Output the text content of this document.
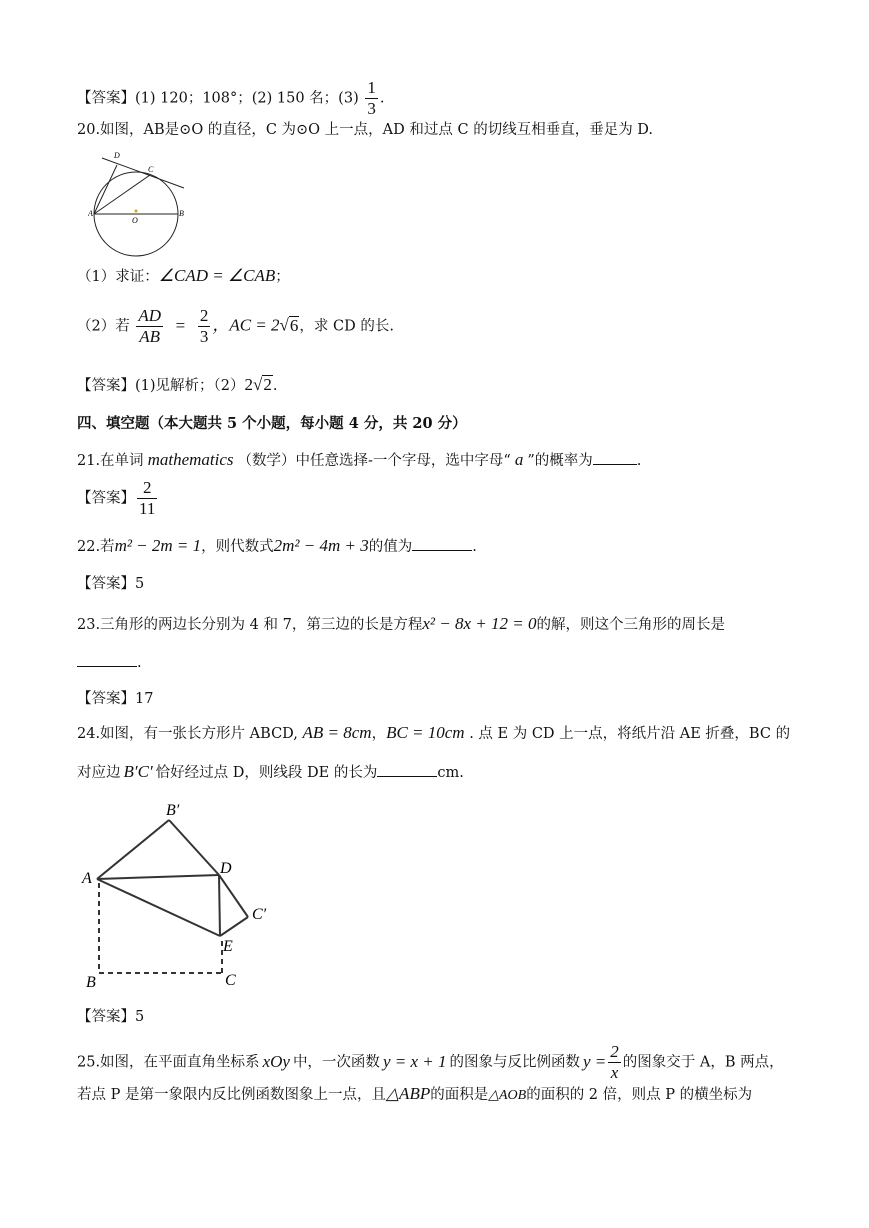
【答案】(1) 120；108°；(2) 150 名；$(3) \frac{1}{3}$ .
20.如图，AB是⊙O 的直径，C 为⊙O 上一点，AD 和过点 C 的切线互相垂直，垂足为 D.
D
C
A
O
B
（1）求证：∠CAD = ∠CAB；
（2）若 $\frac{AD}{AB} = \frac{2}{3}$ ，AC = 2√6，求 CD 的长.
【答案】(1)见解析；（2）2√2.
四、填空题（本大题共 5 个小题，每小题 4 分，共 20 分）
21.在单词 mathematics （数学）中任意选择-一个字母，选中字母“ a ”的概率为	.
【答案】 $\frac{2}{11}$
22.若m² − 2m = 1，则代数式2m² − 4m + 3的值为	.
【答案】5
23.三角形的两边长分别为 4 和 7，第三边的长是方程x² − 8x + 12 = 0的解，则这个三角形的周长是
.
【答案】17
24.如图，有一张长方形片 ABCD, AB = 8cm，BC = 10cm . 点 E 为 CD 上一点，将纸片沿 AE 折叠，BC 的
对应边 B′C′ 恰好经过点 D，则线段 DE 的长为	cm.
B′
A
D
C′
E
B	C
【答案】5
25.如图，在平面直角坐标系 xOy 中，一次函数 y = x + 1 的图象与反比例函数 $y = \frac{2}{x}$ 的图象交于 A，B 两点，
若点 P 是第一象限内反比例函数图象上一点，且△ABP的面积是△AOB的面积的 2 倍，则点 P 的横坐标为
